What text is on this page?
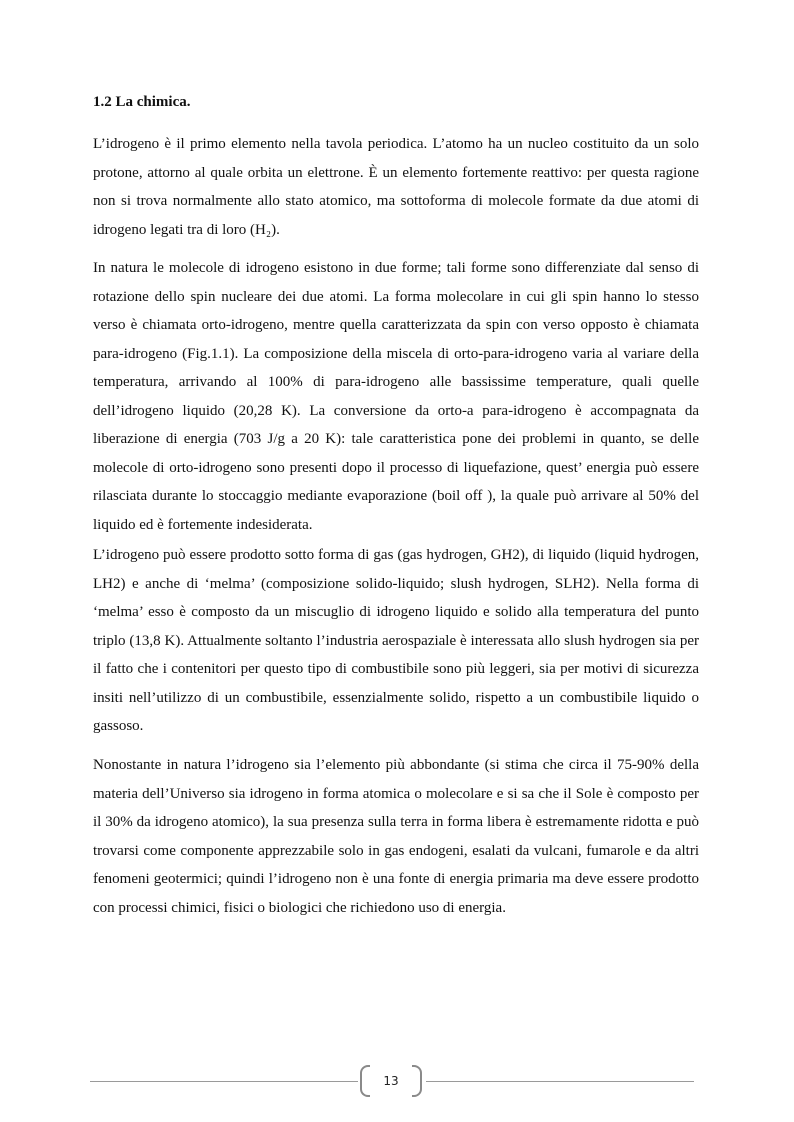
1.2 La chimica.

L’idrogeno è il primo elemento nella tavola periodica. L’atomo ha un nucleo costituito da un solo protone, attorno al quale orbita un elettrone. È un elemento fortemente reattivo: per questa ragione non si trova normalmente allo stato atomico, ma sottoforma di molecole formate da due atomi di idrogeno legati tra di loro (H₂).

In natura le molecole di idrogeno esistono in due forme; tali forme sono differenziate dal senso di rotazione dello spin nucleare dei due atomi. La forma molecolare in cui gli spin hanno lo stesso verso è chiamata orto-idrogeno, mentre quella caratterizzata da spin con verso opposto è chiamata para-idrogeno (Fig.1.1). La composizione della miscela di orto-para-idrogeno varia al variare della temperatura, arrivando al 100% di para-idrogeno alle bassissime temperature, quali quelle dell’idrogeno liquido (20,28 K). La conversione da orto-a para-idrogeno è accompagnata da liberazione di energia (703 J/g a 20 K): tale caratteristica pone dei problemi in quanto, se delle molecole di orto-idrogeno sono presenti dopo il processo di liquefazione, quest’ energia può essere rilasciata durante lo stoccaggio mediante evaporazione (boil off ), la quale può arrivare al 50% del liquido ed è fortemente indesiderata.

L’idrogeno può essere prodotto sotto forma di gas (gas hydrogen, GH2), di liquido (liquid hydrogen, LH2) e anche di ‘melma’ (composizione solido-liquido; slush hydrogen, SLH2). Nella forma di ‘melma’ esso è composto da un miscuglio di idrogeno liquido e solido alla temperatura del punto triplo (13,8 K). Attualmente soltanto l’industria aerospaziale è interessata allo slush hydrogen sia per il fatto che i contenitori per questo tipo di combustibile sono più leggeri, sia per motivi di sicurezza insiti nell’utilizzo di un combustibile, essenzialmente solido, rispetto a un combustibile liquido o gassoso.

Nonostante in natura l’idrogeno sia l’elemento più abbondante (si stima che circa il 75-90% della materia dell’Universo sia idrogeno in forma atomica o molecolare e si sa che il Sole è composto per il 30% da idrogeno atomico), la sua presenza sulla terra in forma libera è estremamente ridotta e può trovarsi come componente apprezzabile solo in gas endogeni, esalati da vulcani, fumarole e da altri fenomeni geotermici; quindi l’idrogeno non è una fonte di energia primaria ma deve essere prodotto con processi chimici, fisici o biologici che richiedono uso di energia.

13
